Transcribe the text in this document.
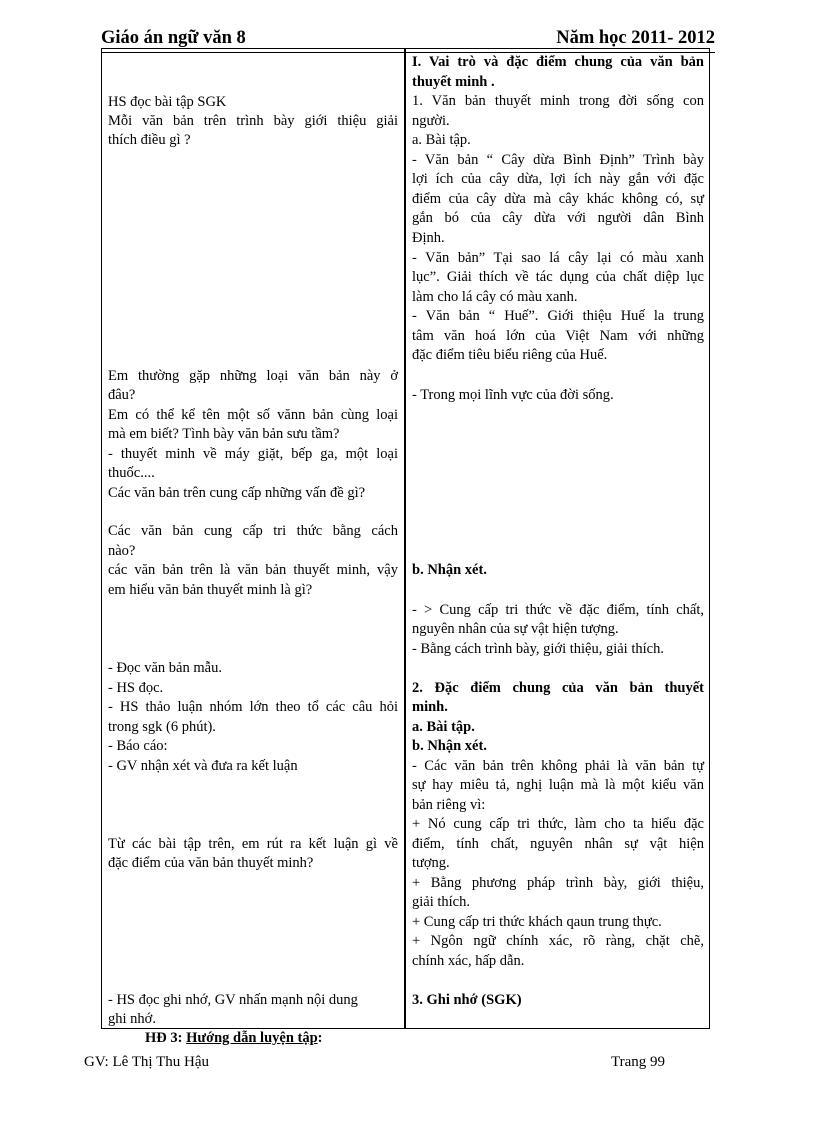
Giáo án ngữ văn 8	Năm học 2011- 2012
HS đọc bài tập SGK
Mỗi văn bản trên trình bày giới thiệu giải
thích điều gì ?
Em thường gặp những loại văn bản này ở
đâu?
Em có thể kể tên một số vănn bản cùng loại
mà em biết? Tình bày văn bản sưu tầm?
- thuyết minh về máy giặt, bếp ga, một loại
thuốc....
Các văn bản trên cung cấp những vấn đề gì?
Các văn bản cung cấp tri thức bằng cách
nào?
các văn bản trên là văn bản thuyết minh, vậy
em hiểu văn bản thuyết minh là gì?
- Đọc văn bản mẫu.
- HS đọc.
- HS thảo luận nhóm lớn theo tổ các câu hỏi
trong sgk (6 phút).
- Báo cáo:
- GV nhận xét và đưa ra kết luận
Từ các bài tập trên, em rút ra kết luận gì về
đặc điểm của văn bản thuyết minh?
- HS đọc ghi nhớ, GV nhấn mạnh nội dung
ghi nhớ.
I. Vai trò và đặc điểm chung của văn bản
thuyết minh .
1. Văn bản thuyết minh trong đời sống con
người.
a. Bài tập.
- Văn bản “ Cây dừa Bình Định” Trình bày
lợi ích của cây dừa, lợi ích này gắn với đặc
điểm của cây dừa mà cây khác không có, sự
gắn bó của cây dừa với người dân Bình
Định.
- Văn bản” Tại sao lá cây lại có màu xanh
lục”. Giải thích về tác dụng của chất diệp lục
làm cho lá cây có màu xanh.
- Văn bản “ Huế”. Giới thiệu Huế la trung
tâm văn hoá lớn của Việt Nam với những
đặc điểm tiêu biểu riêng của Huế.
- Trong mọi lĩnh vực của đời sống.
b. Nhận xét.
- > Cung cấp tri thức về đặc điểm, tính chất,
nguyên nhân của sự vật hiện tượng.
- Bằng cách trình bày, giới thiệu, giải thích.
2. Đặc điểm chung của văn bản thuyết
minh.
a. Bài tập.
b. Nhận xét.
- Các văn bản trên không phải là văn bản tự
sự hay miêu tả, nghị luận mà là một kiểu văn
bản riêng vì:
+ Nó cung cấp tri thức, làm cho ta hiểu đặc
điểm, tính chất, nguyên nhân sự vật hiện
tượng.
+ Bằng phương pháp trình bày, giới thiệu,
giải thích.
+ Cung cấp tri thức khách qaun trung thực.
+ Ngôn ngữ chính xác, rõ ràng, chặt chẽ,
chính xác, hấp dẫn.
3. Ghi nhớ (SGK)
HĐ 3: Hướng dẫn luyện tập:
GV: Lê Thị Thu Hậu	Trang 99
